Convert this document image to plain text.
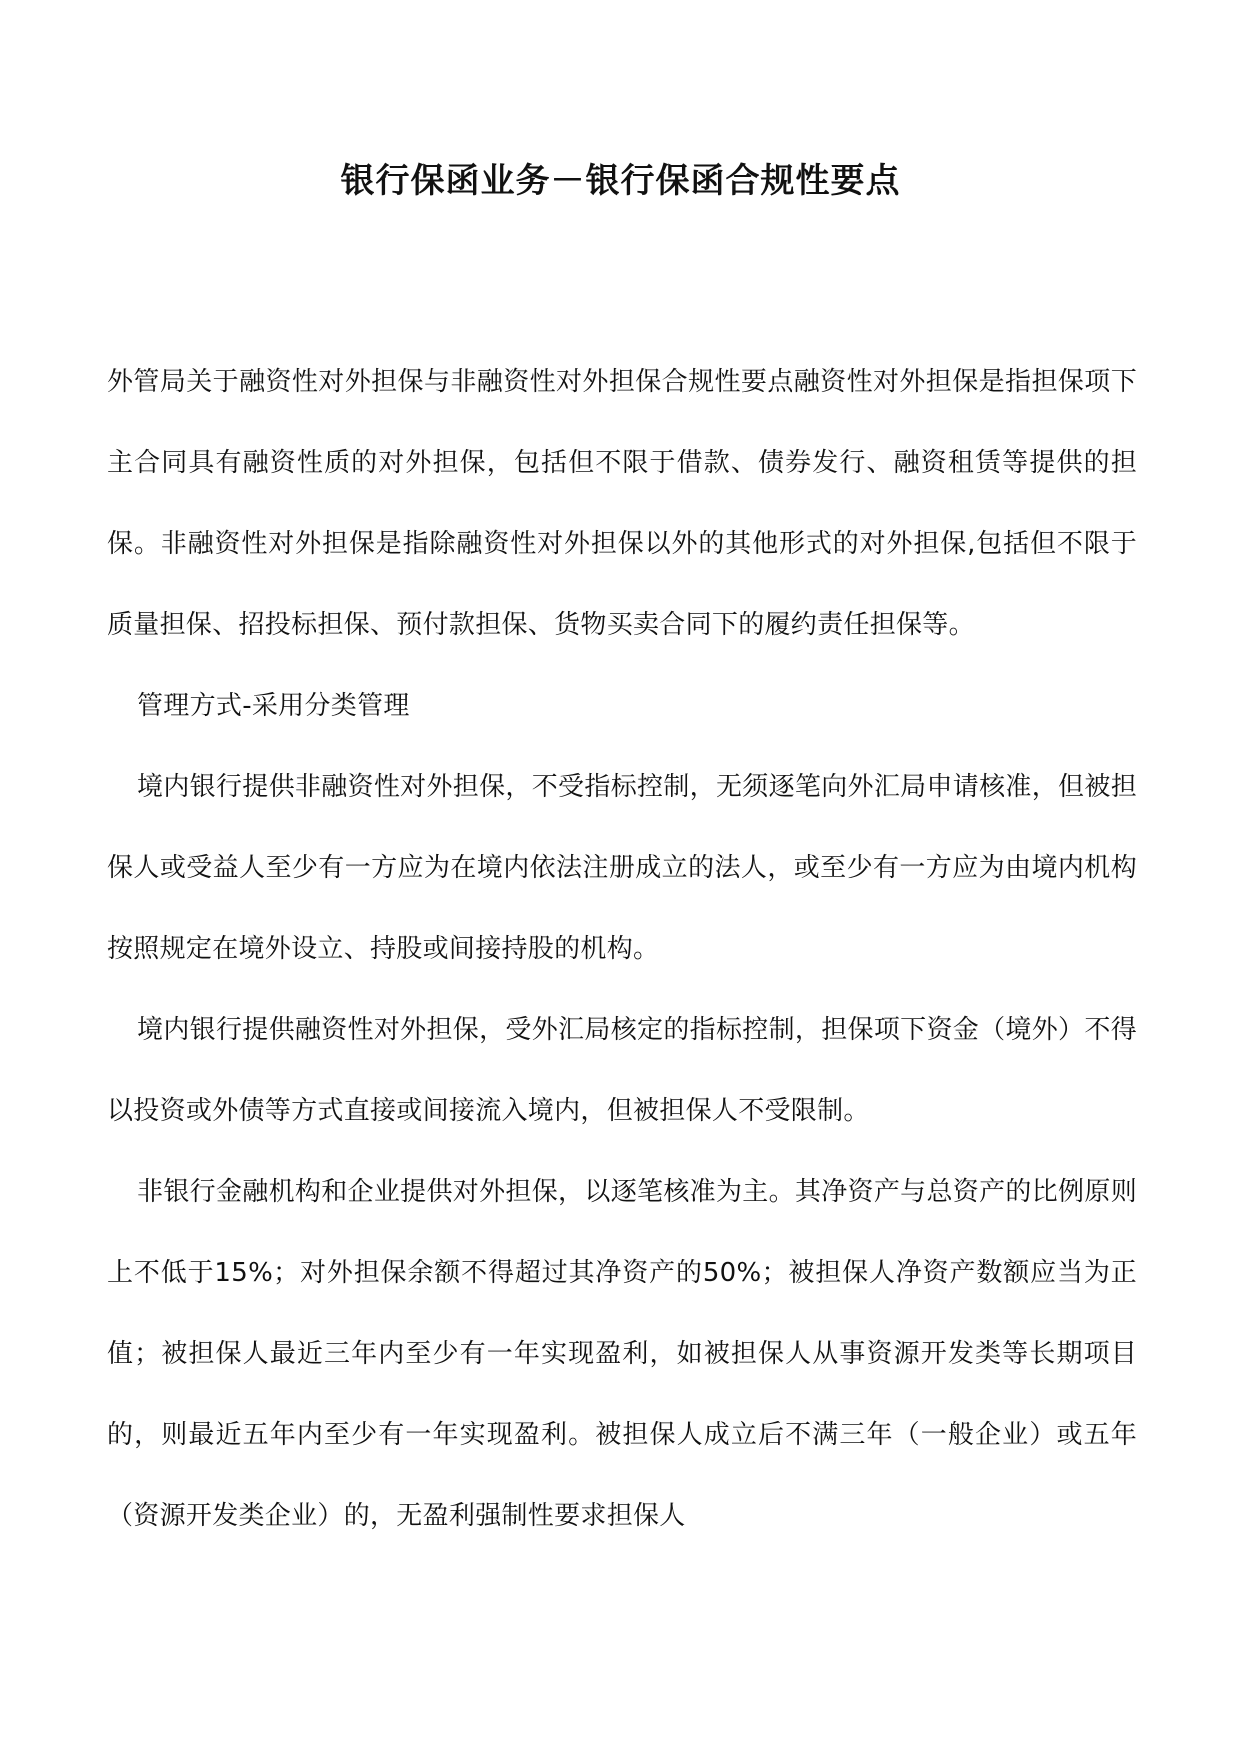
银行保函业务－银行保函合规性要点

外管局关于融资性对外担保与非融资性对外担保合规性要点融资性对外担保是指担保项下主合同具有融资性质的对外担保，包括但不限于借款、债券发行、融资租赁等提供的担保。非融资性对外担保是指除融资性对外担保以外的其他形式的对外担保,包括但不限于质量担保、招投标担保、预付款担保、货物买卖合同下的履约责任担保等。

管理方式-采用分类管理

境内银行提供非融资性对外担保，不受指标控制，无须逐笔向外汇局申请核准，但被担保人或受益人至少有一方应为在境内依法注册成立的法人，或至少有一方应为由境内机构按照规定在境外设立、持股或间接持股的机构。

境内银行提供融资性对外担保，受外汇局核定的指标控制，担保项下资金（境外）不得以投资或外债等方式直接或间接流入境内，但被担保人不受限制。

非银行金融机构和企业提供对外担保，以逐笔核准为主。其净资产与总资产的比例原则上不低于15%；对外担保余额不得超过其净资产的50%；被担保人净资产数额应当为正值；被担保人最近三年内至少有一年实现盈利，如被担保人从事资源开发类等长期项目的，则最近五年内至少有一年实现盈利。被担保人成立后不满三年（一般企业）或五年（资源开发类企业）的，无盈利强制性要求担保人
